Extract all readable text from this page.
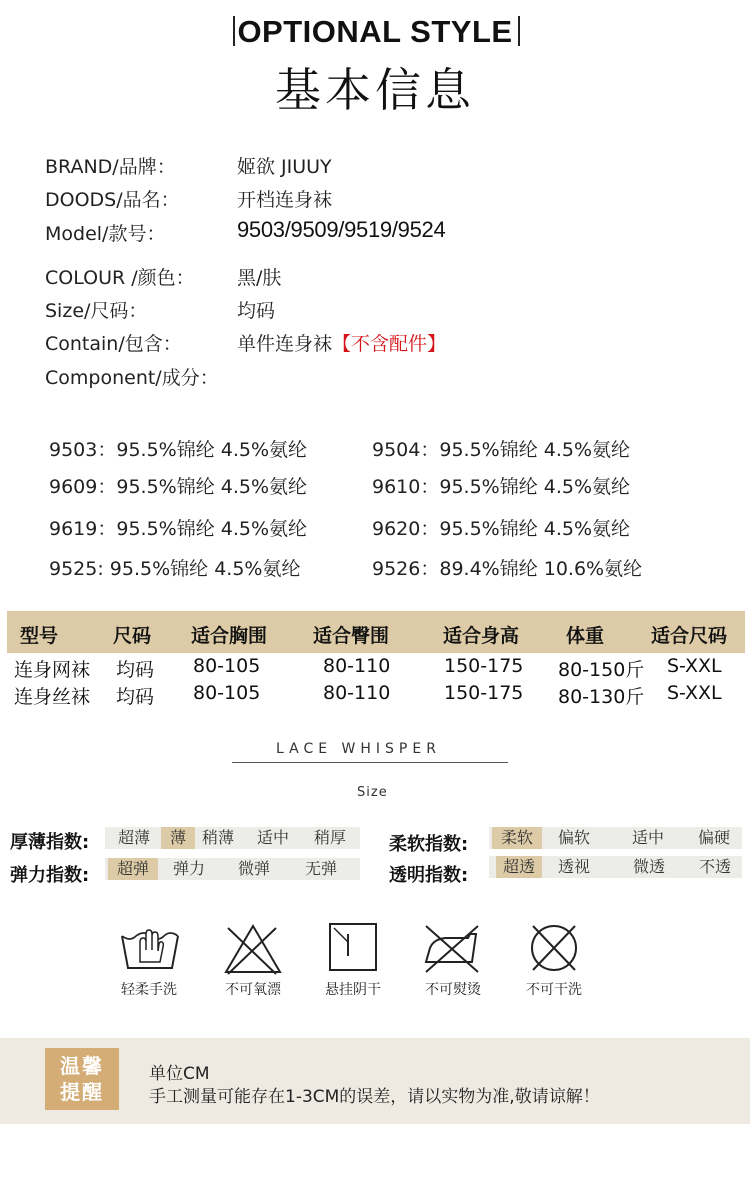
OPTIONAL STYLE
基本信息
BRAND/品牌：	姬欲 JIUUY
DOODS/品名：	开档连身袜
Model/款号：	9503/9509/9519/9524
COLOUR /颜色： 黑/肤
Size/尺码：	均码
Contain/包含：	单件连身袜【不含配件】
Component/成分：
9503：95.5%锦纶 4.5%氨纶	9504：95.5%锦纶 4.5%氨纶
9609：95.5%锦纶 4.5%氨纶	9610：95.5%锦纶 4.5%氨纶
9619：95.5%锦纶 4.5%氨纶	9620：95.5%锦纶 4.5%氨纶
9525: 95.5%锦纶 4.5%氨纶	9526：89.4%锦纶 10.6%氨纶
型号	尺码 适合胸围 适合臀围	适合身高 体重 适合尺码
连身网袜 均码 80-105	80-110	150-175 80-150斤 S-XXL
连身丝袜 均码 80-105	80-110	150-175 80-130斤 S-XXL
LACE WHISPER
Size
厚薄指数:	超薄	薄 稍薄	适中	稍厚	柔软指数:	柔软	偏软	适中	偏硬
弹力指数:	超弹	弹力	微弹	无弹	透明指数:	超透	透视	微透	不透
轻柔手洗	不可氧漂	悬挂阴干	不可熨烫	不可干洗
温馨
提醒
单位CM
手工测量可能存在1-3CM的误差，请以实物为准,敬请谅解！
